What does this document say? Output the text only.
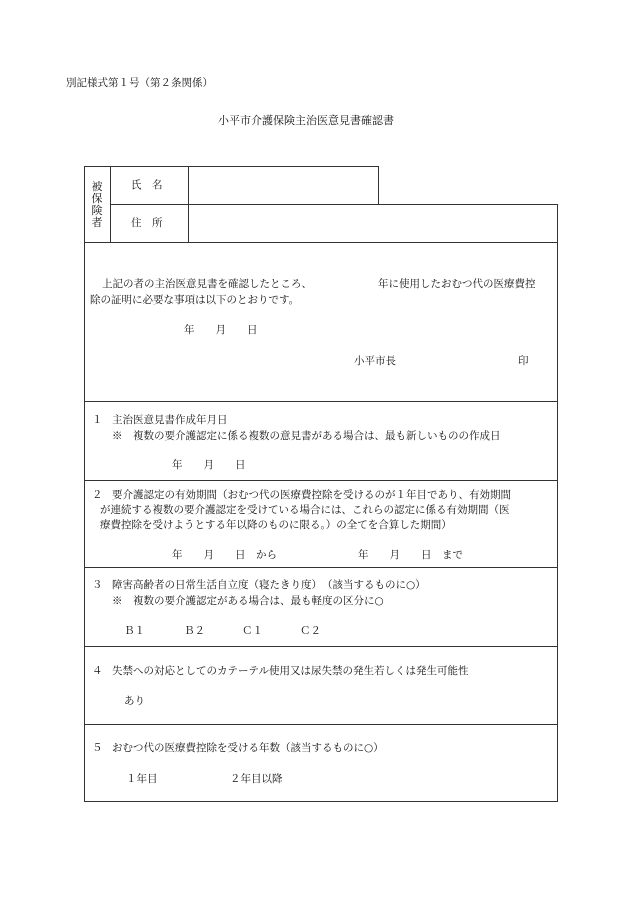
別記様式第１号（第２条関係）
小平市介護保険主治医意見書確認書
被保険者
氏　名
住　所
上記の者の主治医意見書を確認したところ、	年に使用したおむつ代の医療費控
除の証明に必要な事項は以下のとおりです。
年　　月　　日
小平市長	印
１ 主治医意見書作成年月日
※　複数の要介護認定に係る複数の意見書がある場合は、最も新しいものの作成日
年　　月　　日
２ 要介護認定の有効期間（おむつ代の医療費控除を受けるのが１年目であり、有効期間
が連続する複数の要介護認定を受けている場合には、これらの認定に係る有効期間（医
療費控除を受けようとする年以降のものに限る。）の全てを合算した期間）
年　　月　　日　から	年　　月　　日　まで
３ 障害高齢者の日常生活自立度（寝たきり度）　（該当するものに○）
※　複数の要介護認定がある場合は、最も軽度の区分に○
Ｂ１	Ｂ２	Ｃ１	Ｃ２
４ 失禁への対応としてのカテーテル使用又は尿失禁の発生若しくは発生可能性
あり
５ おむつ代の医療費控除を受ける年数（該当するものに○）
１年目	２年目以降
